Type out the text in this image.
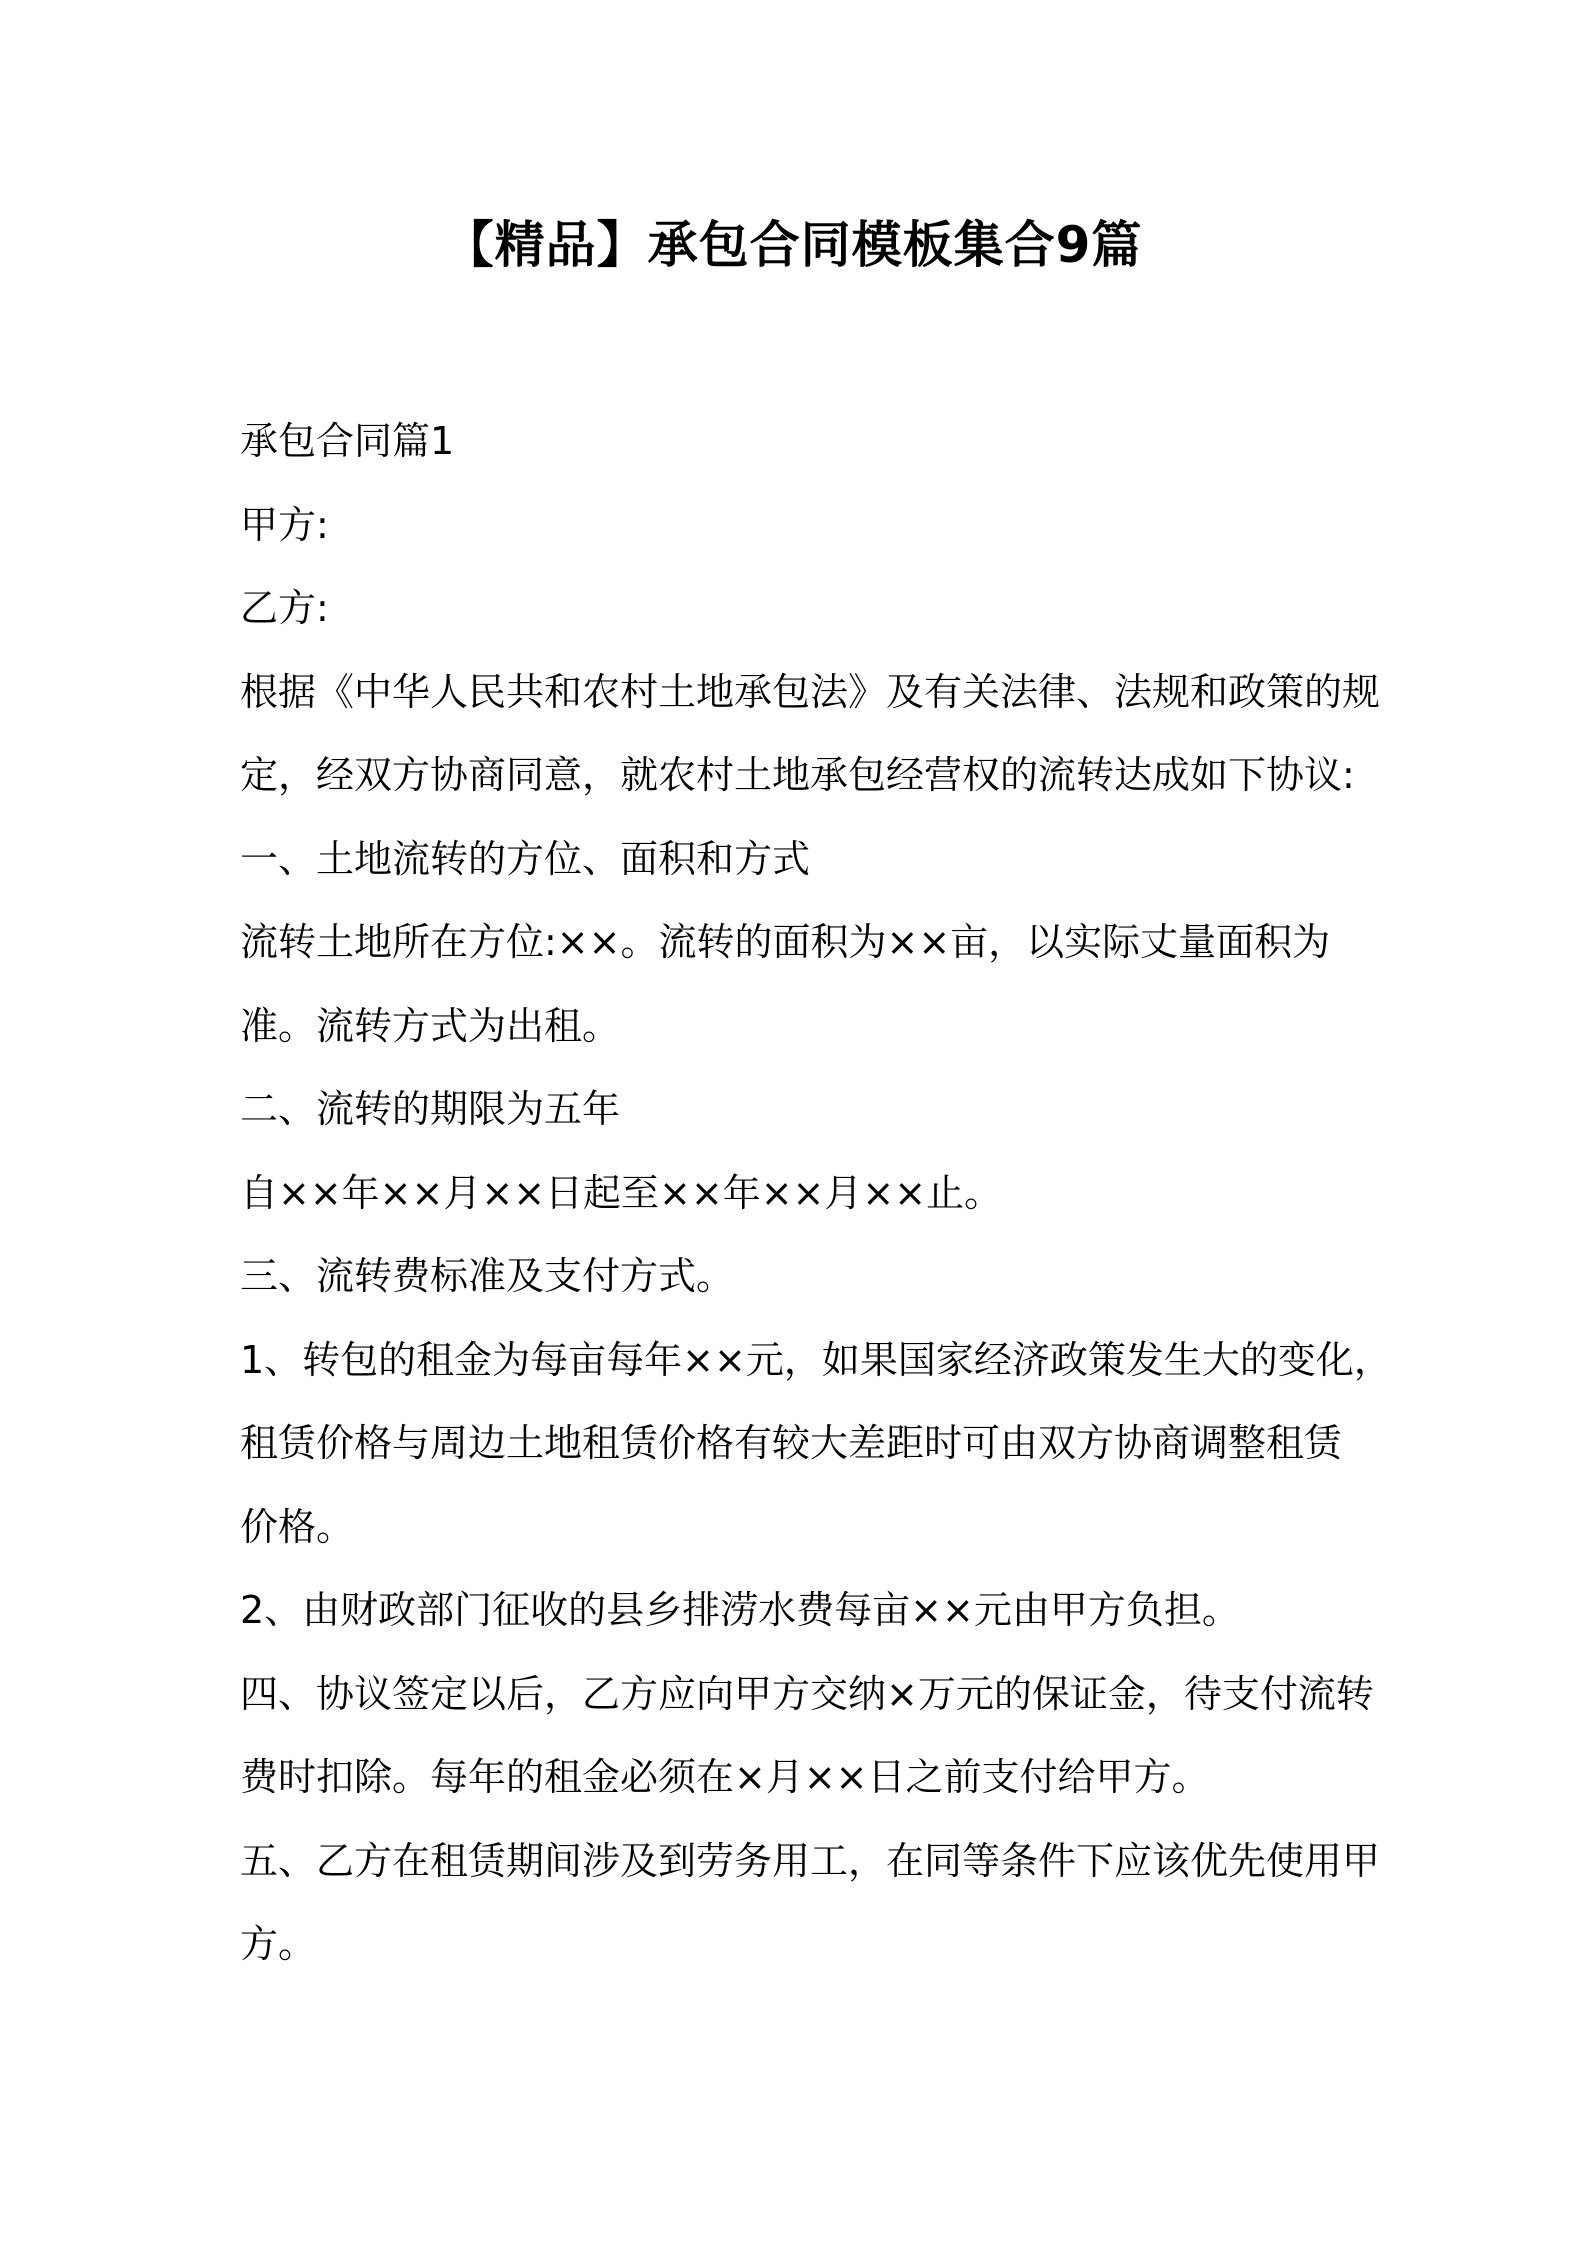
【精品】承包合同模板集合9篇

承包合同篇1

甲方:

乙方:

根据《中华人民共和农村土地承包法》及有关法律、法规和政策的规

定，经双方协商同意，就农村土地承包经营权的流转达成如下协议:

一、土地流转的方位、面积和方式

流转土地所在方位:××。流转的面积为××亩，以实际丈量面积为

准。流转方式为出租。

二、流转的期限为五年

自××年××月××日起至××年××月××止。

三、流转费标准及支付方式。

1、转包的租金为每亩每年××元，如果国家经济政策发生大的变化，

租赁价格与周边土地租赁价格有较大差距时可由双方协商调整租赁

价格。

2、由财政部门征收的县乡排涝水费每亩××元由甲方负担。

四、协议签定以后，乙方应向甲方交纳×万元的保证金，待支付流转

费时扣除。每年的租金必须在×月××日之前支付给甲方。

五、乙方在租赁期间涉及到劳务用工，在同等条件下应该优先使用甲

方。
